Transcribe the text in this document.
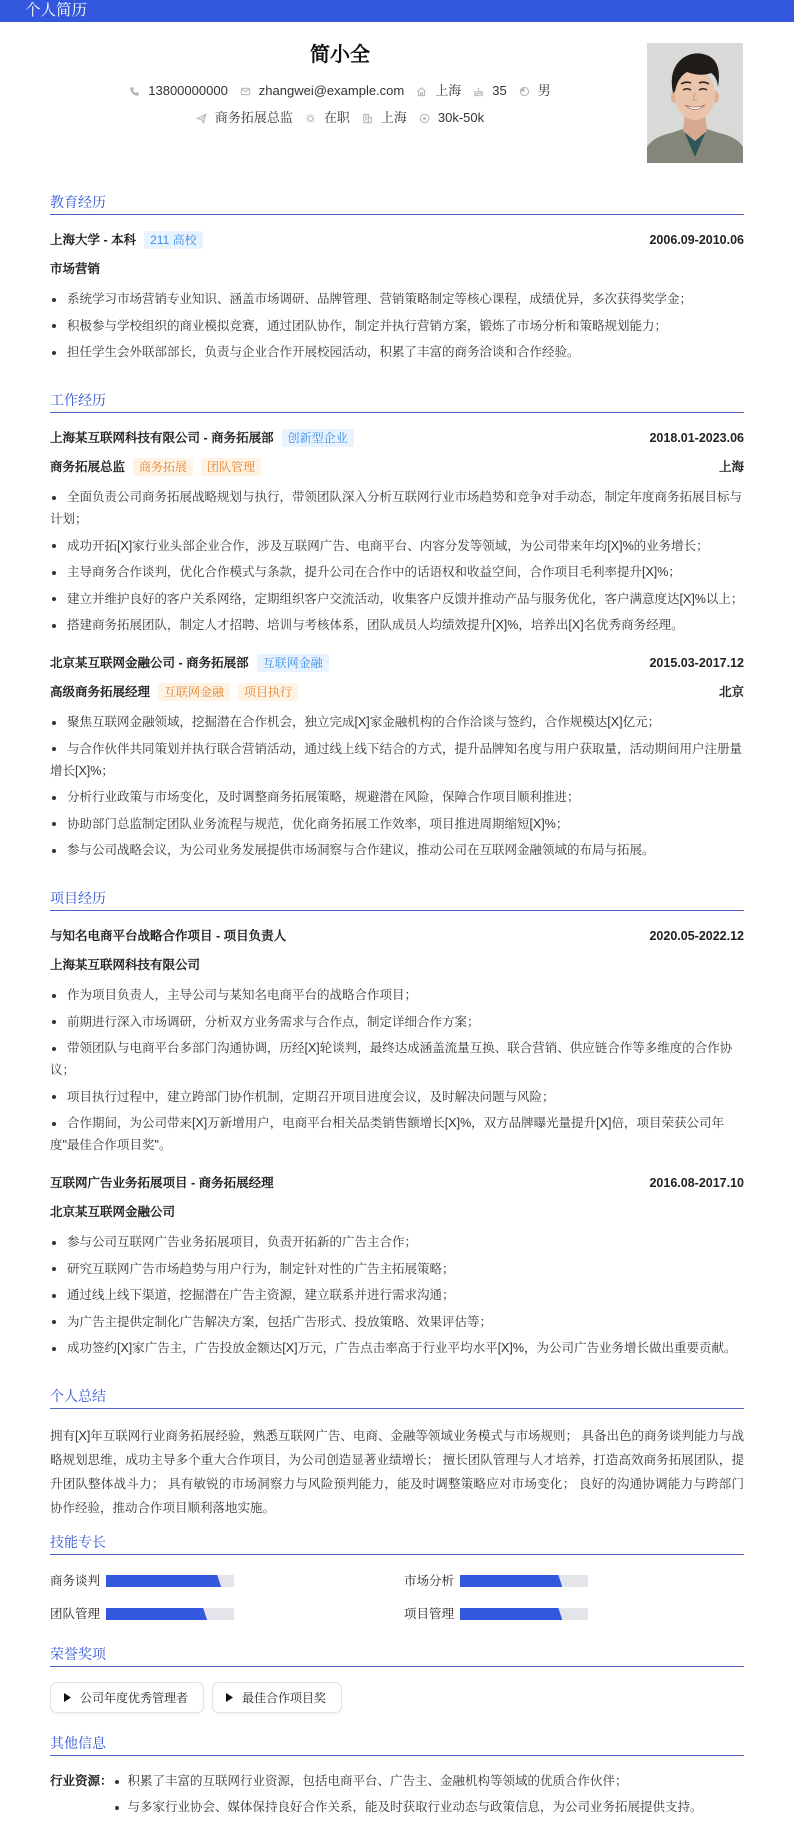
个人简历
简小全
13800000000 zhangwei@example.com 上海 35 男
商务拓展总监 在职 上海 30k-50k
教育经历
上海大学 - 本科	211 高校	2006.09-2010.06
市场营销
系统学习市场营销专业知识、涵盖市场调研、品牌管理、营销策略制定等核心课程，成绩优异，多次获得奖学金；
积极参与学校组织的商业模拟竞赛，通过团队协作，制定并执行营销方案，锻炼了市场分析和策略规划能力；
担任学生会外联部部长，负责与企业合作开展校园活动，积累了丰富的商务洽谈和合作经验。
工作经历
上海某互联网科技有限公司 - 商务拓展部	创新型企业	2018.01-2023.06
商务拓展总监	商务拓展	团队管理	上海
全面负责公司商务拓展战略规划与执行，带领团队深入分析互联网行业市场趋势和竞争对手动态，制定年度商务拓展目标与计划；
成功开拓[X]家行业头部企业合作，涉及互联网广告、电商平台、内容分发等领域，为公司带来年均[X]%的业务增长；
主导商务合作谈判，优化合作模式与条款，提升公司在合作中的话语权和收益空间，合作项目毛利率提升[X]%；
建立并维护良好的客户关系网络，定期组织客户交流活动，收集客户反馈并推动产品与服务优化，客户满意度达[X]%以上；
搭建商务拓展团队，制定人才招聘、培训与考核体系，团队成员人均绩效提升[X]%，培养出[X]名优秀商务经理。
北京某互联网金融公司 - 商务拓展部	互联网金融	2015.03-2017.12
高级商务拓展经理	互联网金融	项目执行	北京
聚焦互联网金融领域，挖掘潜在合作机会，独立完成[X]家金融机构的合作洽谈与签约，合作规模达[X]亿元；
与合作伙伴共同策划并执行联合营销活动，通过线上线下结合的方式，提升品牌知名度与用户获取量，活动期间用户注册量增长[X]%；
分析行业政策与市场变化，及时调整商务拓展策略，规避潜在风险，保障合作项目顺利推进；
协助部门总监制定团队业务流程与规范，优化商务拓展工作效率，项目推进周期缩短[X]%；
参与公司战略会议，为公司业务发展提供市场洞察与合作建议，推动公司在互联网金融领域的布局与拓展。
项目经历
与知名电商平台战略合作项目 - 项目负责人	2020.05-2022.12
上海某互联网科技有限公司
作为项目负责人，主导公司与某知名电商平台的战略合作项目；
前期进行深入市场调研，分析双方业务需求与合作点，制定详细合作方案；
带领团队与电商平台多部门沟通协调，历经[X]轮谈判，最终达成涵盖流量互换、联合营销、供应链合作等多维度的合作协议；
项目执行过程中，建立跨部门协作机制，定期召开项目进度会议，及时解决问题与风险；
合作期间，为公司带来[X]万新增用户，电商平台相关品类销售额增长[X]%，双方品牌曝光量提升[X]倍，项目荣获公司年度"最佳合作项目奖"。
互联网广告业务拓展项目 - 商务拓展经理	2016.08-2017.10
北京某互联网金融公司
参与公司互联网广告业务拓展项目，负责开拓新的广告主合作；
研究互联网广告市场趋势与用户行为，制定针对性的广告主拓展策略；
通过线上线下渠道，挖掘潜在广告主资源，建立联系并进行需求沟通；
为广告主提供定制化广告解决方案，包括广告形式、投放策略、效果评估等；
成功签约[X]家广告主，广告投放金额达[X]万元，广告点击率高于行业平均水平[X]%，为公司广告业务增长做出重要贡献。
个人总结

拥有[X]年互联网行业商务拓展经验，熟悉互联网广告、电商、金融等领域业务模式与市场规则； 具备出色的商务谈判能力与战略规划思维，成功主导多个重大合作项目，为公司创造显著业绩增长； 擅长团队管理与人才培养，打造高效商务拓展团队，提升团队整体战斗力； 具有敏锐的市场洞察力与风险预判能力，能及时调整策略应对市场变化； 良好的沟通协调能力与跨部门协作经验，推动合作项目顺利落地实施。

技能专长
商务谈判	市场分析
团队管理	项目管理
荣誉奖项
公司年度优秀管理者	最佳合作项目奖
其他信息
行业资源：	积累了丰富的互联网行业资源，包括电商平台、广告主、金融机构等领域的优质合作伙伴；
与多家行业协会、媒体保持良好合作关系，能及时获取行业动态与政策信息，为公司业务拓展提供支持。
